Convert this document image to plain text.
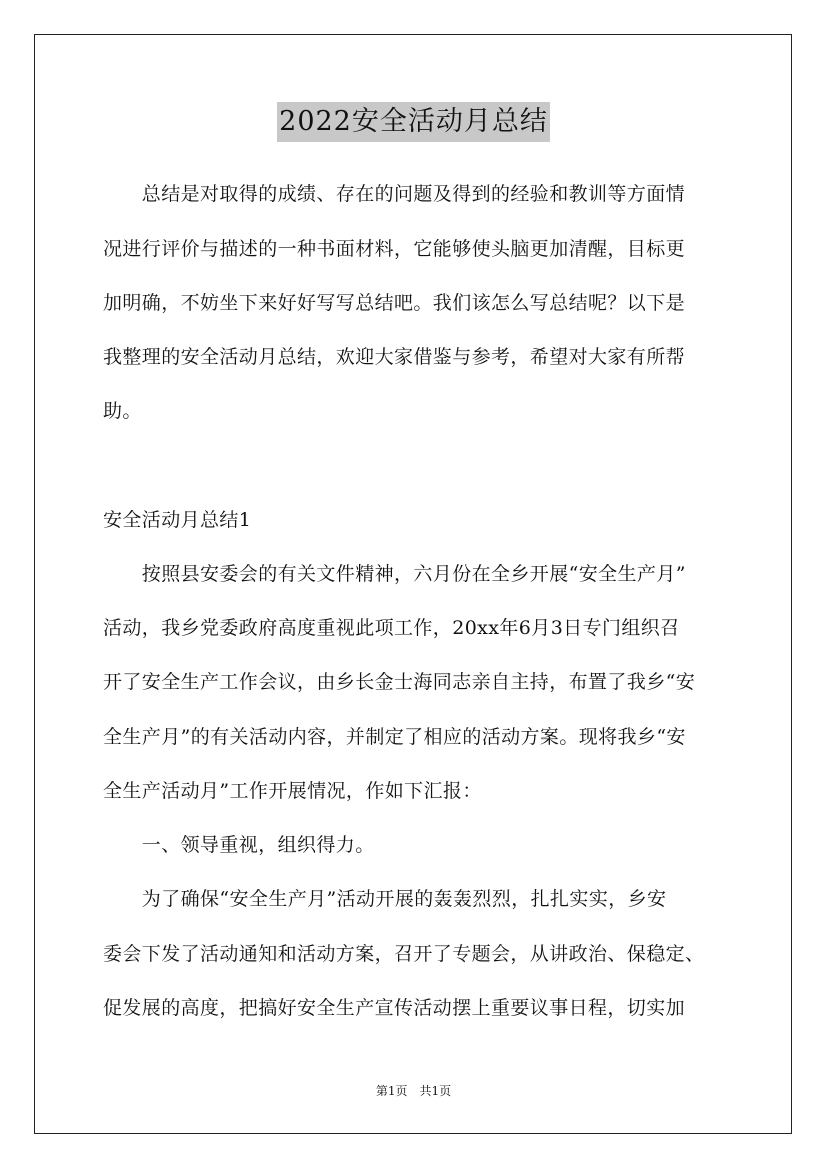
2022安全活动月总结
　　总结是对取得的成绩、存在的问题及得到的经验和教训等方面情
况进行评价与描述的一种书面材料，它能够使头脑更加清醒，目标更
加明确，不妨坐下来好好写写总结吧。我们该怎么写总结呢？以下是
我整理的安全活动月总结，欢迎大家借鉴与参考，希望对大家有所帮
助。
安全活动月总结1
　　按照县安委会的有关文件精神，六月份在全乡开展“安全生产月”
活动，我乡党委政府高度重视此项工作，20xx年6月3日专门组织召
开了安全生产工作会议，由乡长金士海同志亲自主持，布置了我乡“安
全生产月”的有关活动内容，并制定了相应的活动方案。现将我乡“安
全生产活动月”工作开展情况，作如下汇报：
　　一、领导重视，组织得力。
　　为了确保“安全生产月”活动开展的轰轰烈烈，扎扎实实，乡安
委会下发了活动通知和活动方案，召开了专题会，从讲政治、保稳定、
促发展的高度，把搞好安全生产宣传活动摆上重要议事日程，切实加
第1页　共1页
